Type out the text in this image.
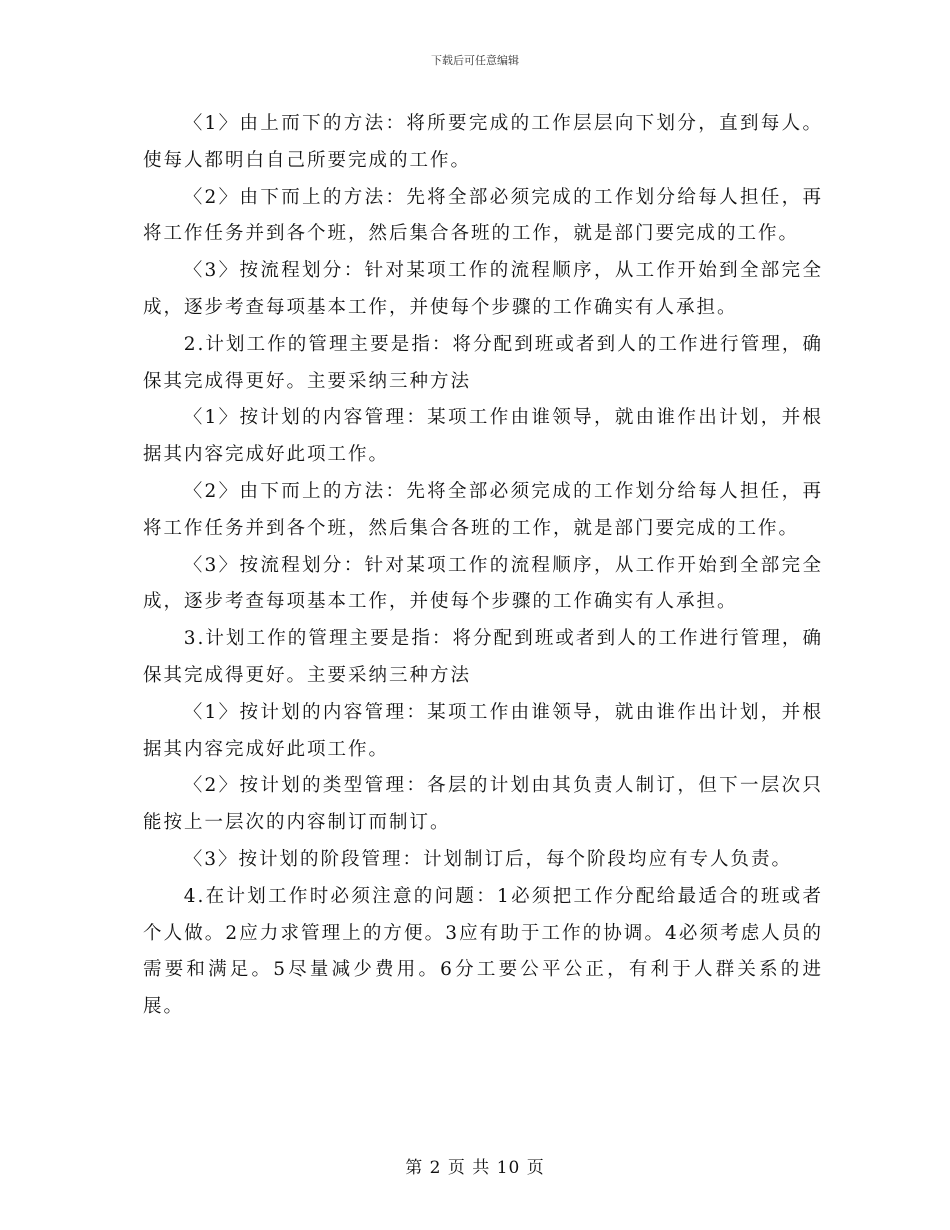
下载后可任意编辑

〈1〉由上而下的方法：将所要完成的工作层层向下划分，直到每人。使每人都明白自己所要完成的工作。

〈2〉由下而上的方法：先将全部必须完成的工作划分给每人担任，再将工作任务并到各个班，然后集合各班的工作，就是部门要完成的工作。

〈3〉按流程划分：针对某项工作的流程顺序，从工作开始到全部完全成，逐步考查每项基本工作，并使每个步骤的工作确实有人承担。

2.计划工作的管理主要是指：将分配到班或者到人的工作进行管理，确保其完成得更好。主要采纳三种方法

〈1〉按计划的内容管理：某项工作由谁领导，就由谁作出计划，并根据其内容完成好此项工作。

〈2〉由下而上的方法：先将全部必须完成的工作划分给每人担任，再将工作任务并到各个班，然后集合各班的工作，就是部门要完成的工作。

〈3〉按流程划分：针对某项工作的流程顺序，从工作开始到全部完全成，逐步考查每项基本工作，并使每个步骤的工作确实有人承担。

3.计划工作的管理主要是指：将分配到班或者到人的工作进行管理，确保其完成得更好。主要采纳三种方法

〈1〉按计划的内容管理：某项工作由谁领导，就由谁作出计划，并根据其内容完成好此项工作。

〈2〉按计划的类型管理：各层的计划由其负责人制订，但下一层次只能按上一层次的内容制订而制订。

〈3〉按计划的阶段管理：计划制订后，每个阶段均应有专人负责。

4.在计划工作时必须注意的问题：1必须把工作分配给最适合的班或者个人做。2应力求管理上的方便。3应有助于工作的协调。4必须考虑人员的需要和满足。5尽量减少费用。6分工要公平公正，有利于人群关系的进展。

第 2 页 共 10 页
